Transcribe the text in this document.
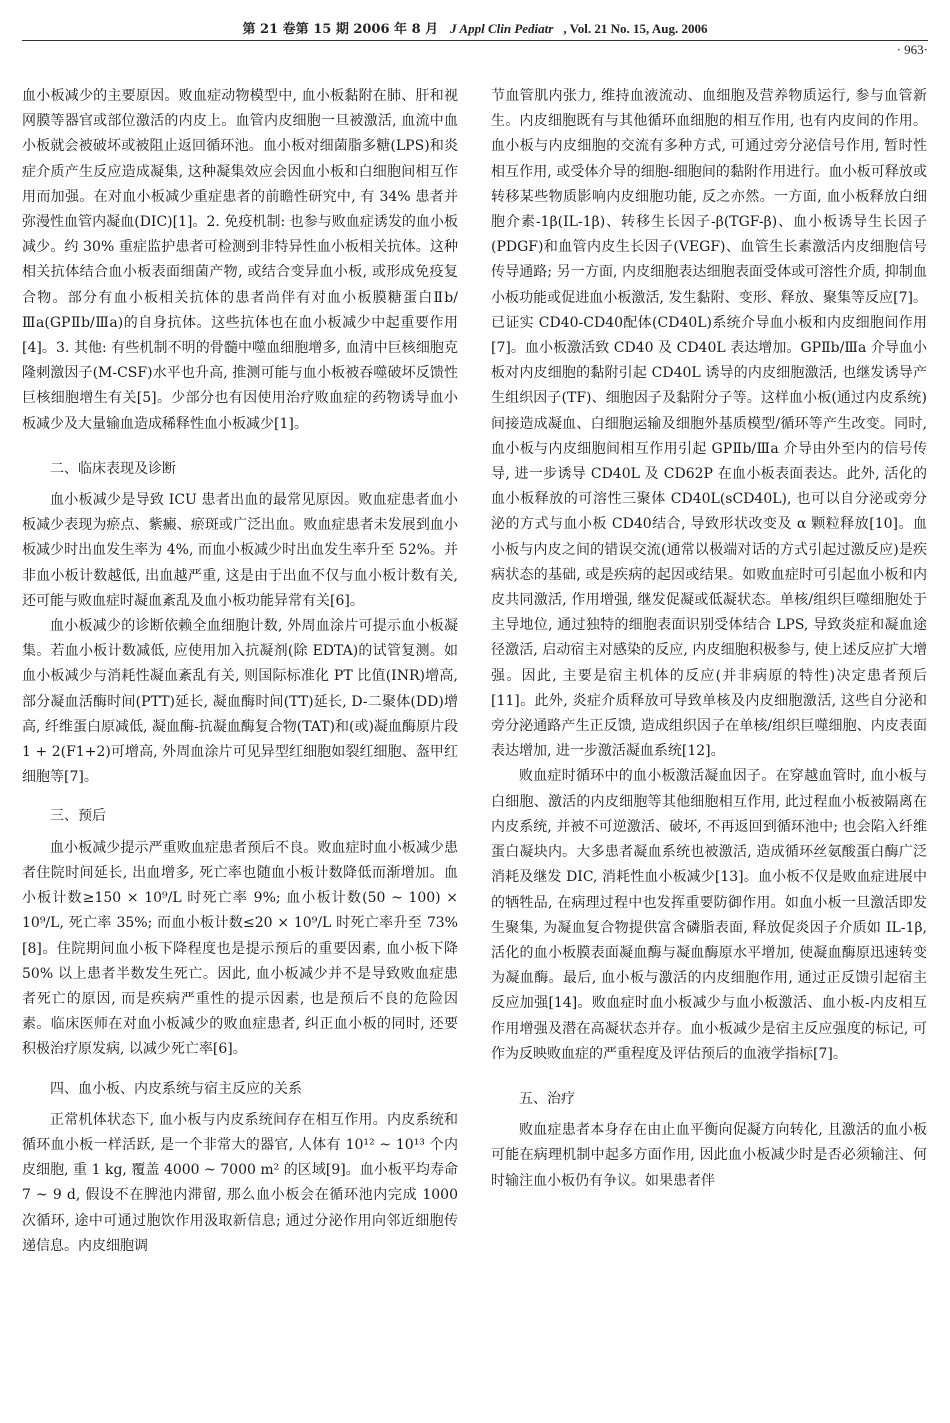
第 21 卷第 15 期 2006 年 8 月 J Appl Clin Pediatr , Vol. 21 No. 15, Aug. 2006
· 963·

血小板减少的主要原因。败血症动物模型中, 血小板黏附在肺、肝和视网膜等器官或部位激活的内皮上。血管内皮细胞一旦被激活, 血流中血小板就会被破坏或被阻止返回循环池。血小板对细菌脂多糖(LPS)和炎症介质产生反应造成凝集, 这种凝集效应会因血小板和白细胞间相互作用而加强。在对血小板减少重症患者的前瞻性研究中, 有 34% 患者并弥漫性血管内凝血(DIC)[1]。2. 免疫机制: 也参与败血症诱发的血小板减少。约 30% 重症监护患者可检测到非特异性血小板相关抗体。这种相关抗体结合血小板表面细菌产物, 或结合变异血小板, 或形成免疫复合物。部分有血小板相关抗体的患者尚伴有对血小板膜糖蛋白Ⅱb/Ⅲa(GPⅡb/Ⅲa)的自身抗体。这些抗体也在血小板减少中起重要作用[4]。3. 其他: 有些机制不明的骨髓中噬血细胞增多, 血清中巨核细胞克隆刺激因子(M-CSF)水平也升高, 推测可能与血小板被吞噬破坏反馈性巨核细胞增生有关[5]。少部分也有因使用治疗败血症的药物诱导血小板减少及大量输血造成稀释性血小板减少[1]。

二、临床表现及诊断

血小板减少是导致 ICU 患者出血的最常见原因。败血症患者血小板减少表现为瘀点、紫癜、瘀斑或广泛出血。败血症患者未发展到血小板减少时出血发生率为 4%, 而血小板减少时出血发生率升至 52%。并非血小板计数越低, 出血越严重, 这是由于出血不仅与血小板计数有关, 还可能与败血症时凝血紊乱及血小板功能异常有关[6]。

血小板减少的诊断依赖全血细胞计数, 外周血涂片可提示血小板凝集。若血小板计数减低, 应使用加入抗凝剂(除 EDTA)的试管复测。如血小板减少与消耗性凝血紊乱有关, 则国际标准化 PT 比值(INR)增高, 部分凝血活酶时间(PTT)延长, 凝血酶时间(TT)延长, D-二聚体(DD)增高, 纤维蛋白原减低, 凝血酶-抗凝血酶复合物(TAT)和(或)凝血酶原片段 1 + 2(F1+2)可增高, 外周血涂片可见异型红细胞如裂红细胞、盔甲红细胞等[7]。

三、预后

血小板减少提示严重败血症患者预后不良。败血症时血小板减少患者住院时间延长, 出血增多, 死亡率也随血小板计数降低而渐增加。血小板计数≥150 × 10⁹/L 时死亡率 9%; 血小板计数(50 ~ 100) × 10⁹/L, 死亡率 35%; 而血小板计数≤20 × 10⁹/L 时死亡率升至 73%[8]。住院期间血小板下降程度也是提示预后的重要因素, 血小板下降 50% 以上患者半数发生死亡。因此, 血小板减少并不是导致败血症患者死亡的原因, 而是疾病严重性的提示因素, 也是预后不良的危险因素。临床医师在对血小板减少的败血症患者, 纠正血小板的同时, 还要积极治疗原发病, 以减少死亡率[6]。

四、血小板、内皮系统与宿主反应的关系

正常机体状态下, 血小板与内皮系统间存在相互作用。内皮系统和循环血小板一样活跃, 是一个非常大的器官, 人体有 10¹² ~ 10¹³ 个内皮细胞, 重 1 kg, 覆盖 4000 ~ 7000 m² 的区域[9]。血小板平均寿命 7 ~ 9 d, 假设不在脾池内滞留, 那么血小板会在循环池内完成 1000 次循环, 途中可通过胞饮作用汲取新信息; 通过分泌作用向邻近细胞传递信息。内皮细胞调

节血管肌内张力, 维持血液流动、血细胞及营养物质运行, 参与血管新生。内皮细胞既有与其他循环血细胞的相互作用, 也有内皮间的作用。血小板与内皮细胞的交流有多种方式, 可通过旁分泌信号作用, 暂时性相互作用, 或受体介导的细胞-细胞间的黏附作用进行。血小板可释放或转移某些物质影响内皮细胞功能, 反之亦然。一方面, 血小板释放白细胞介素-1β(IL-1β)、转移生长因子-β(TGF-β)、血小板诱导生长因子(PDGF)和血管内皮生长因子(VEGF)、血管生长素激活内皮细胞信号传导通路; 另一方面, 内皮细胞表达细胞表面受体或可溶性介质, 抑制血小板功能或促进血小板激活, 发生黏附、变形、释放、聚集等反应[7]。已证实 CD40-CD40配体(CD40L)系统介导血小板和内皮细胞间作用[7]。血小板激活致 CD40 及 CD40L 表达增加。GPⅡb/Ⅲa 介导血小板对内皮细胞的黏附引起 CD40L 诱导的内皮细胞激活, 也继发诱导产生组织因子(TF)、细胞因子及黏附分子等。这样血小板(通过内皮系统)间接造成凝血、白细胞运输及细胞外基质模型/循环等产生改变。同时, 血小板与内皮细胞间相互作用引起 GPⅡb/Ⅲa 介导由外至内的信号传导, 进一步诱导 CD40L 及 CD62P 在血小板表面表达。此外, 活化的血小板释放的可溶性三聚体 CD40L(sCD40L), 也可以自分泌或旁分泌的方式与血小板 CD40结合, 导致形状改变及 α 颗粒释放[10]。血小板与内皮之间的错误交流(通常以极端对话的方式引起过激反应)是疾病状态的基础, 或是疾病的起因或结果。如败血症时可引起血小板和内皮共同激活, 作用增强, 继发促凝或低凝状态。单核/组织巨噬细胞处于主导地位, 通过独特的细胞表面识别受体结合 LPS, 导致炎症和凝血途径激活, 启动宿主对感染的反应, 内皮细胞积极参与, 使上述反应扩大增强。因此, 主要是宿主机体的反应(并非病原的特性)决定患者预后[11]。此外, 炎症介质释放可导致单核及内皮细胞激活, 这些自分泌和旁分泌通路产生正反馈, 造成组织因子在单核/组织巨噬细胞、内皮表面表达增加, 进一步激活凝血系统[12]。

败血症时循环中的血小板激活凝血因子。在穿越血管时, 血小板与白细胞、激活的内皮细胞等其他细胞相互作用, 此过程血小板被隔离在内皮系统, 并被不可逆激活、破坏, 不再返回到循环池中; 也会陷入纤维蛋白凝块内。大多患者凝血系统也被激活, 造成循环丝氨酸蛋白酶广泛消耗及继发 DIC, 消耗性血小板减少[13]。血小板不仅是败血症进展中的牺牲品, 在病理过程中也发挥重要防御作用。如血小板一旦激活即发生聚集, 为凝血复合物提供富含磷脂表面, 释放促炎因子介质如 IL-1β, 活化的血小板膜表面凝血酶与凝血酶原水平增加, 使凝血酶原迅速转变为凝血酶。最后, 血小板与激活的内皮细胞作用, 通过正反馈引起宿主反应加强[14]。败血症时血小板减少与血小板激活、血小板-内皮相互作用增强及潜在高凝状态并存。血小板减少是宿主反应强度的标记, 可作为反映败血症的严重程度及评估预后的血液学指标[7]。

五、治疗

败血症患者本身存在由止血平衡向促凝方向转化, 且激活的血小板可能在病理机制中起多方面作用, 因此血小板减少时是否必须输注、何时输注血小板仍有争议。如果患者伴
